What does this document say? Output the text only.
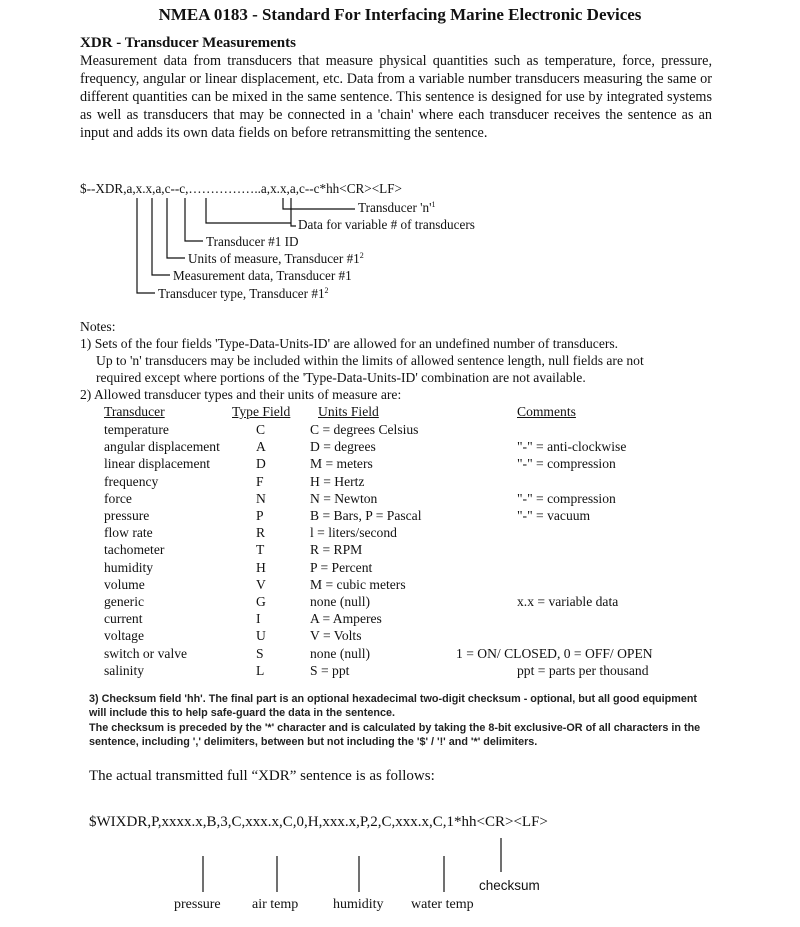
NMEA 0183 - Standard For Interfacing Marine Electronic Devices
XDR - Transducer Measurements
Measurement data from transducers that measure physical quantities such as temperature, force, pressure, frequency, angular or linear displacement, etc. Data from a variable number transducers measuring the same or different quantities can be mixed in the same sentence. This sentence is designed for use by integrated systems as well as transducers that may be connected in a 'chain' where each transducer receives the sentence as an input and adds its own data fields on before retransmitting the sentence.
$--XDR,a,x.x,a,c--c,……………..a,x.x,a,c--c*hh<CR><LF>
Transducer '$n'^1$
Data for variable # of transducers
Transducer #1 ID
Units of measure, Transducer $\#1^2$
Measurement data, Transducer #1
Transducer type, Transducer $\#1^2$
Notes:
1) Sets of the four fields 'Type-Data-Units-ID' are allowed for an undefined number of transducers.
Up to 'n' transducers may be included within the limits of allowed sentence length, null fields are not
required except where portions of the 'Type-Data-Units-ID' combination are not available.
2) Allowed transducer types and their units of measure are:
Transducer	Type Field Units Field	Comments
temperature	C	C = degrees Celsius
angular displacement	A	D = degrees	"-" = anti-clockwise
linear displacement	D	M = meters	"-" = compression
frequency	F	H = Hertz
force	N	N = Newton	"-" = compression
pressure	P	B = Bars, P = Pascal	"-" = vacuum
flow rate	R	l = liters/second
tachometer	T	R = RPM
humidity	H	P = Percent
volume	V	M = cubic meters
generic	G	none (null)	x.x = variable data
current	I	A = Amperes
voltage	U	V = Volts
switch or valve	S	none (null)	1 = ON/ CLOSED, 0 = OFF/ OPEN
salinity	L	S = ppt	ppt = parts per thousand
3) Checksum field 'hh'. The final part is an optional hexadecimal two-digit checksum - optional, but all good equipment
will include this to help safe-guard the data in the sentence.
The checksum is preceded by the '*' character and is calculated by taking the 8-bit exclusive-OR of all characters in the
sentence, including ',' delimiters, between but not including the '$' / '!' and '*' delimiters.
The actual transmitted full “XDR” sentence is as follows:
$WIXDR,P,xxxx.x,B,3,C,xxx.x,C,0,H,xxx.x,P,2,C,xxx.x,C,1*hh<CR><LF>
pressure air temp humidity water temp
checksum
